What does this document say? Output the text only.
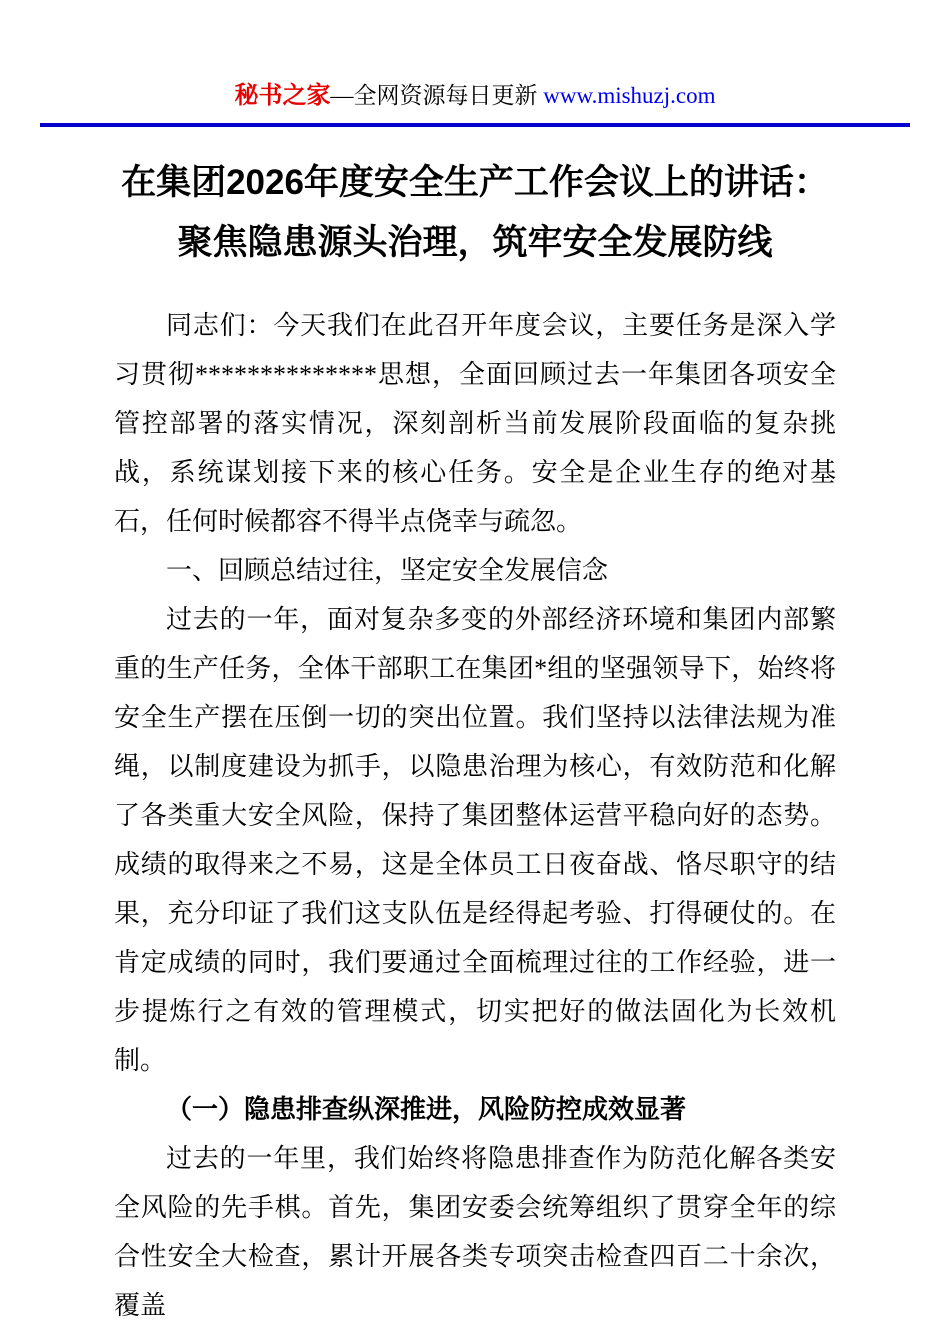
秘书之家—全网资源每日更新 www.mishuzj.com
在集团2026年度安全生产工作会议上的讲话：
聚焦隐患源头治理，筑牢安全发展防线

同志们：今天我们在此召开年度会议，主要任务是深入学习贯彻**************思想，全面回顾过去一年集团各项安全管控部署的落实情况，深刻剖析当前发展阶段面临的复杂挑战，系统谋划接下来的核心任务。安全是企业生存的绝对基石，任何时候都容不得半点侥幸与疏忽。

一、回顾总结过往，坚定安全发展信念

过去的一年，面对复杂多变的外部经济环境和集团内部繁重的生产任务，全体干部职工在集团*组的坚强领导下，始终将安全生产摆在压倒一切的突出位置。我们坚持以法律法规为准绳，以制度建设为抓手，以隐患治理为核心，有效防范和化解了各类重大安全风险，保持了集团整体运营平稳向好的态势。成绩的取得来之不易，这是全体员工日夜奋战、恪尽职守的结果，充分印证了我们这支队伍是经得起考验、打得硬仗的。在肯定成绩的同时，我们要通过全面梳理过往的工作经验，进一步提炼行之有效的管理模式，切实把好的做法固化为长效机制。

（一）隐患排查纵深推进，风险防控成效显著

过去的一年里，我们始终将隐患排查作为防范化解各类安全风险的先手棋。首先，集团安委会统筹组织了贯穿全年的综合性安全大检查，累计开展各类专项突击检查四百二十余次，覆盖
